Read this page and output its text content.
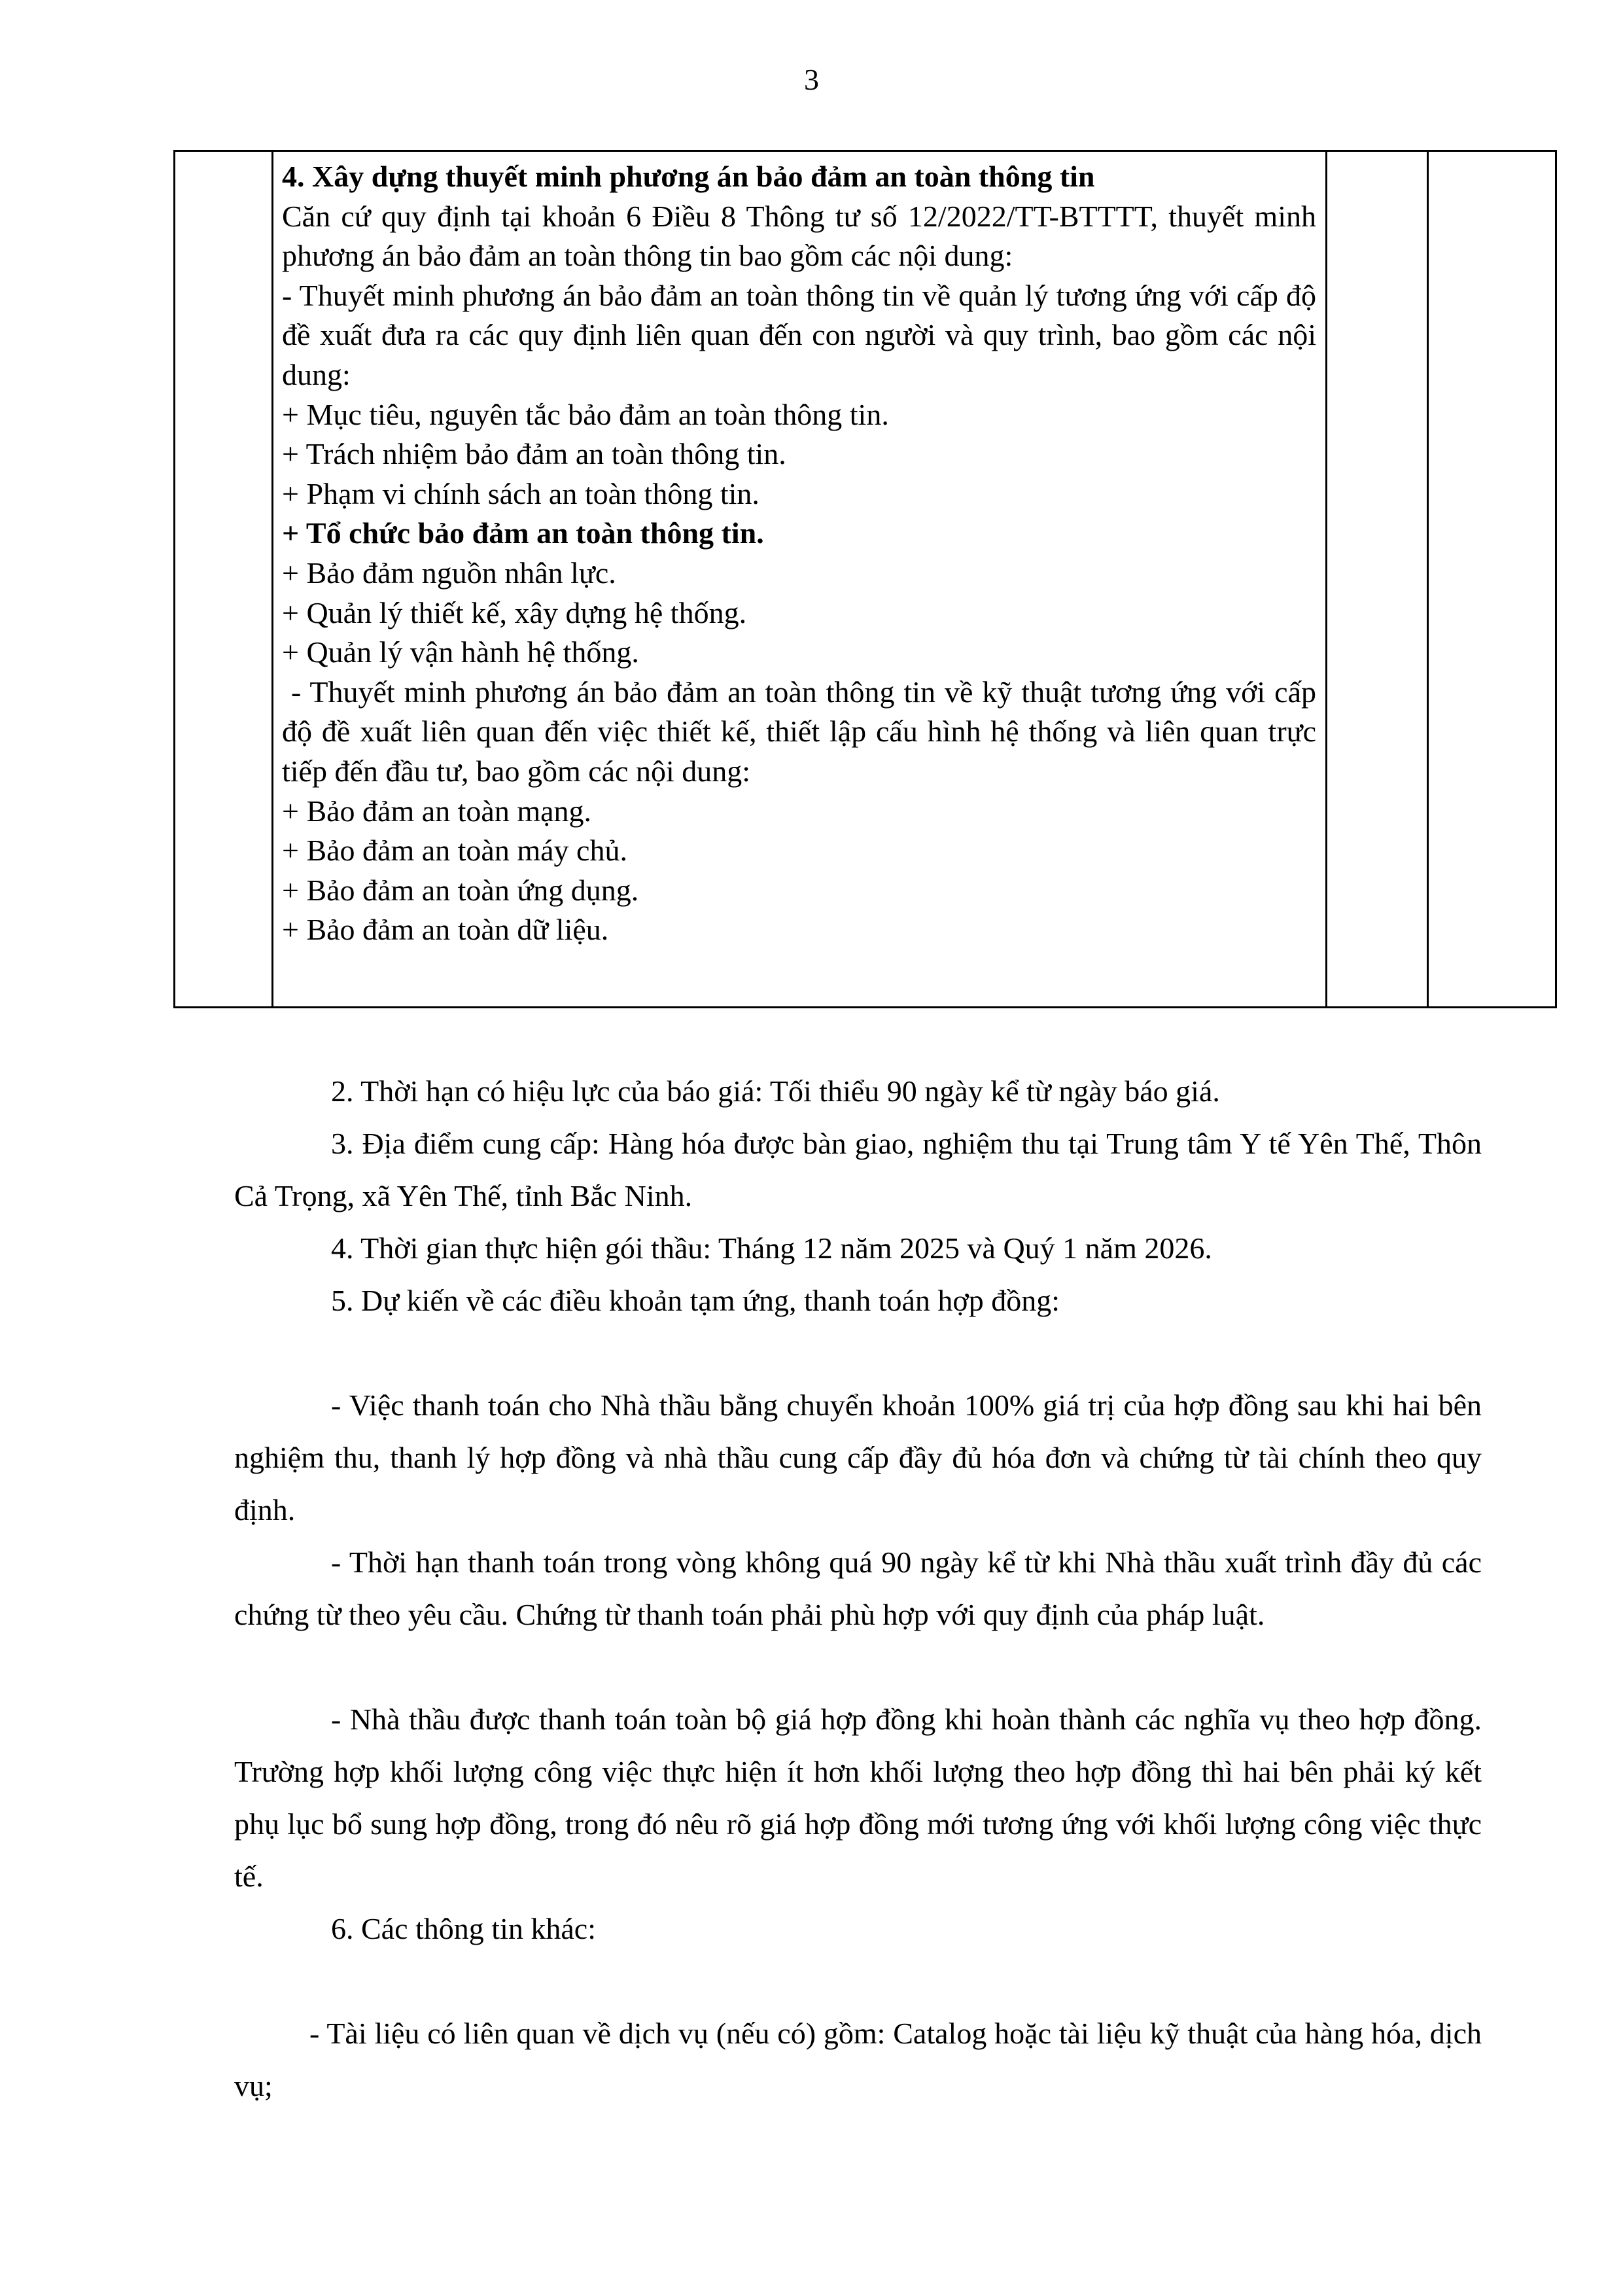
3

4. Xây dựng thuyết minh phương án bảo đảm an toàn thông tin
Căn cứ quy định tại khoản 6 Điều 8 Thông tư số 12/2022/TT-BTTTT, thuyết minh phương án bảo đảm an toàn thông tin bao gồm các nội dung:
- Thuyết minh phương án bảo đảm an toàn thông tin về quản lý tương ứng với cấp độ đề xuất đưa ra các quy định liên quan đến con người và quy trình, bao gồm các nội dung:
+ Mục tiêu, nguyên tắc bảo đảm an toàn thông tin.
+ Trách nhiệm bảo đảm an toàn thông tin.
+ Phạm vi chính sách an toàn thông tin.
+ Tổ chức bảo đảm an toàn thông tin.
+ Bảo đảm nguồn nhân lực.
+ Quản lý thiết kế, xây dựng hệ thống.
+ Quản lý vận hành hệ thống.
- Thuyết minh phương án bảo đảm an toàn thông tin về kỹ thuật tương ứng với cấp độ đề xuất liên quan đến việc thiết kế, thiết lập cấu hình hệ thống và liên quan trực tiếp đến đầu tư, bao gồm các nội dung:
+ Bảo đảm an toàn mạng.
+ Bảo đảm an toàn máy chủ.
+ Bảo đảm an toàn ứng dụng.
+ Bảo đảm an toàn dữ liệu.

2. Thời hạn có hiệu lực của báo giá: Tối thiểu 90 ngày kể từ ngày báo giá.

3. Địa điểm cung cấp: Hàng hóa được bàn giao, nghiệm thu tại Trung tâm Y tế Yên Thế, Thôn Cả Trọng, xã Yên Thế, tỉnh Bắc Ninh.

4. Thời gian thực hiện gói thầu: Tháng 12 năm 2025 và Quý 1 năm 2026.

5. Dự kiến về các điều khoản tạm ứng, thanh toán hợp đồng:

- Việc thanh toán cho Nhà thầu bằng chuyển khoản 100% giá trị của hợp đồng sau khi hai bên nghiệm thu, thanh lý hợp đồng và nhà thầu cung cấp đầy đủ hóa đơn và chứng từ tài chính theo quy định.

- Thời hạn thanh toán trong vòng không quá 90 ngày kể từ khi Nhà thầu xuất trình đầy đủ các chứng từ theo yêu cầu. Chứng từ thanh toán phải phù hợp với quy định của pháp luật.

- Nhà thầu được thanh toán toàn bộ giá hợp đồng khi hoàn thành các nghĩa vụ theo hợp đồng. Trường hợp khối lượng công việc thực hiện ít hơn khối lượng theo hợp đồng thì hai bên phải ký kết phụ lục bổ sung hợp đồng, trong đó nêu rõ giá hợp đồng mới tương ứng với khối lượng công việc thực tế.

6. Các thông tin khác:

- Tài liệu có liên quan về dịch vụ (nếu có) gồm: Catalog hoặc tài liệu kỹ thuật của hàng hóa, dịch vụ;
